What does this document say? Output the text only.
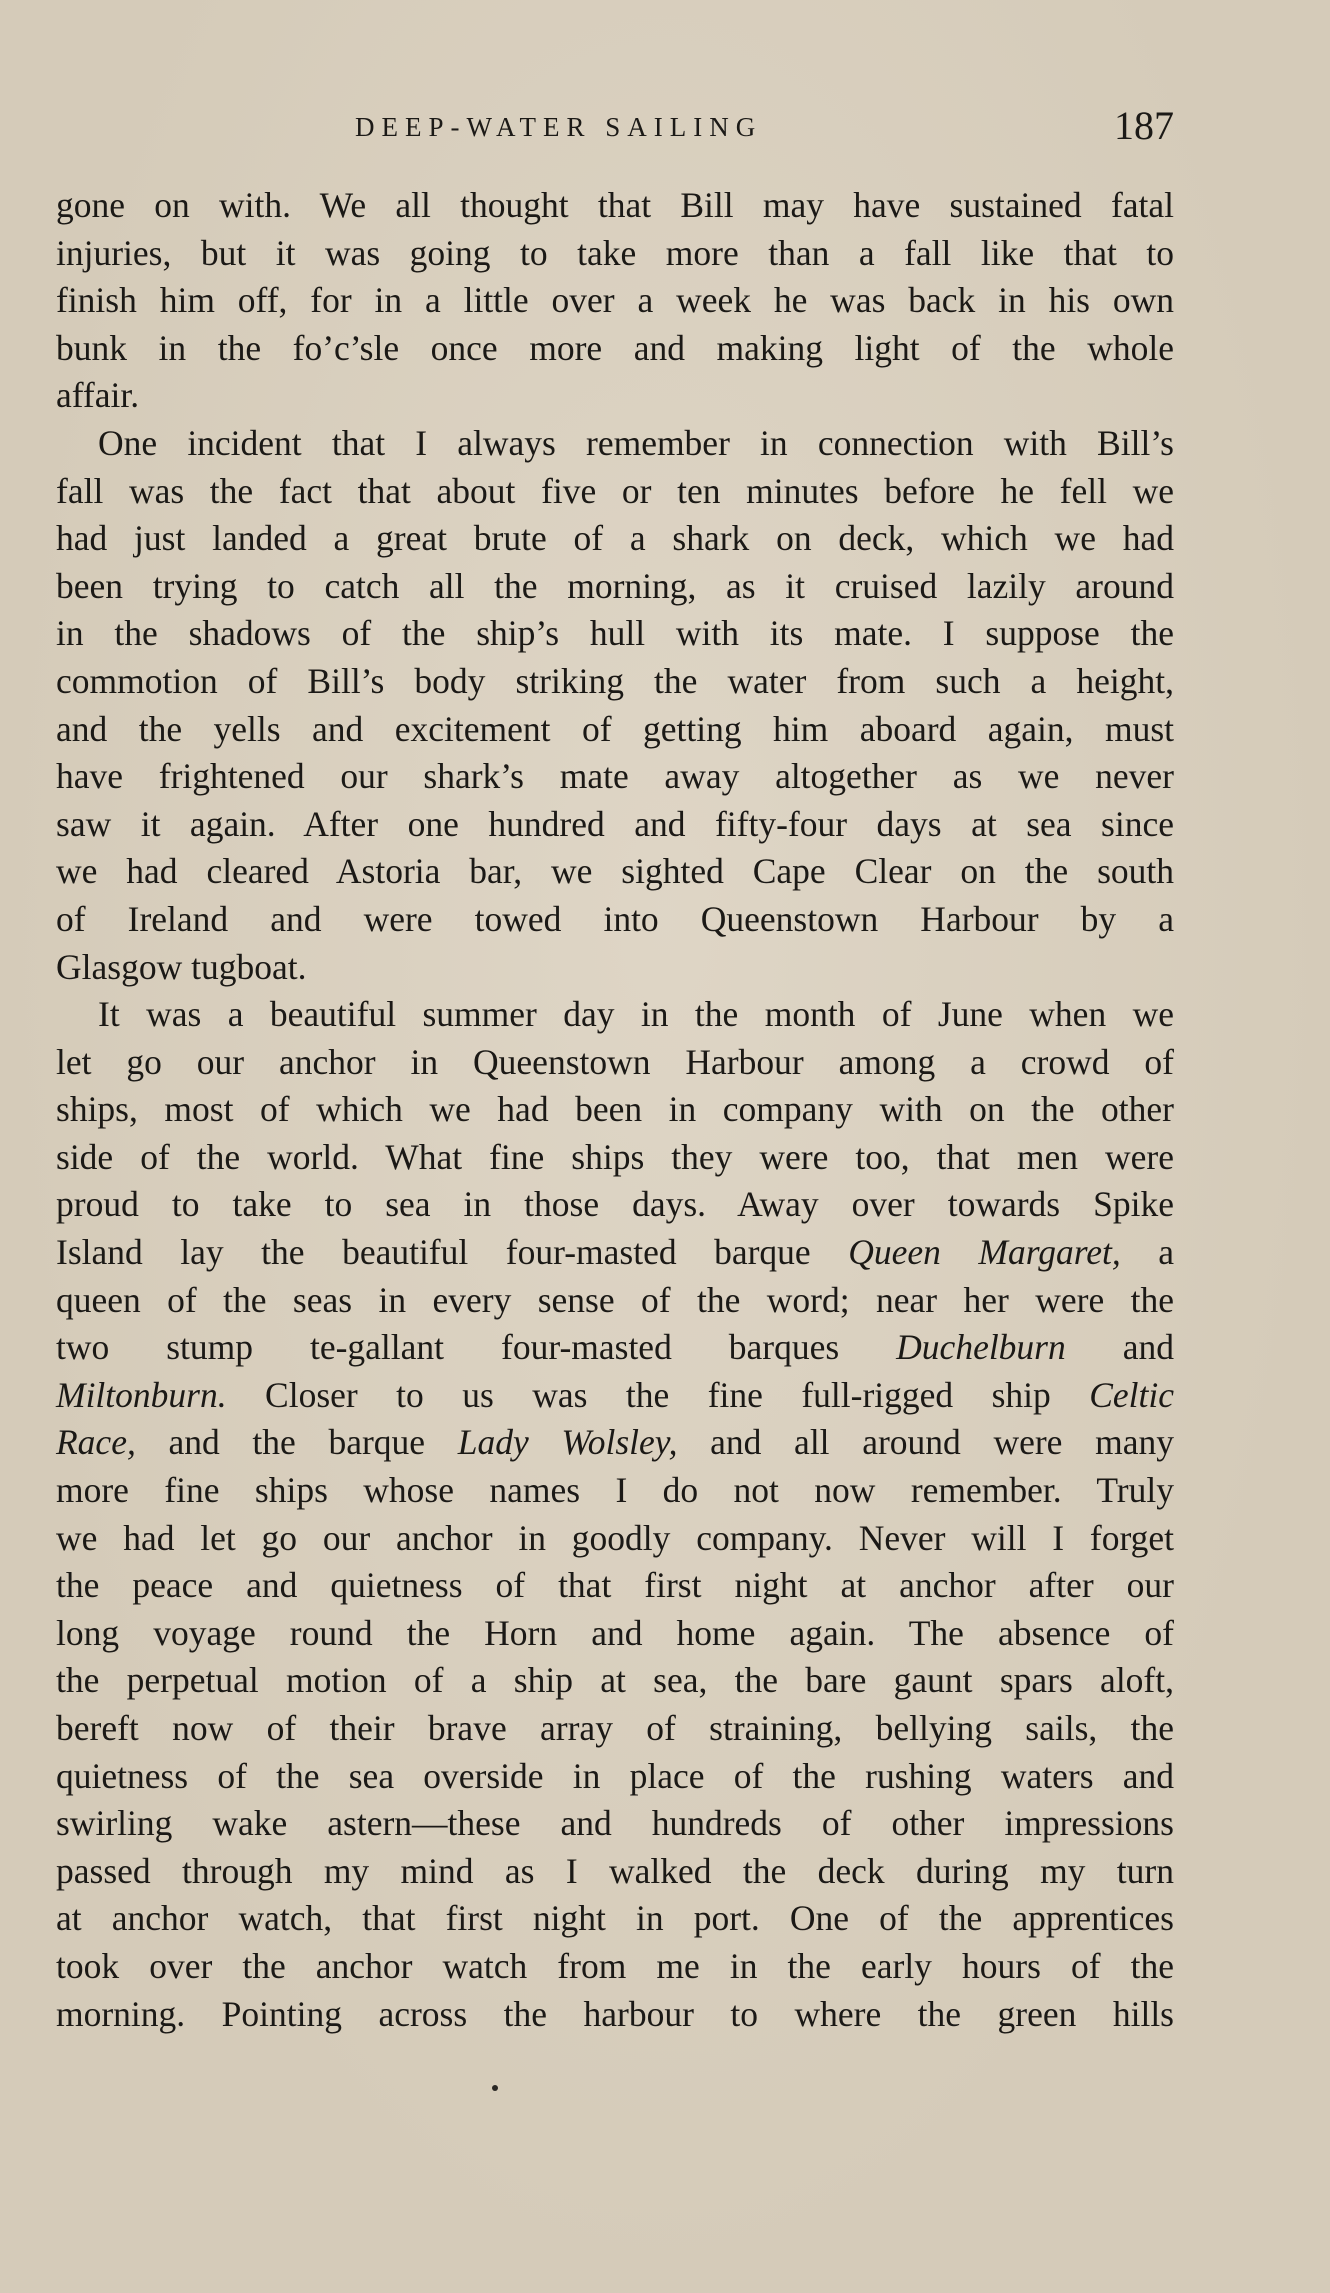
DEEP-WATER SAILING	187
gone on with. We all thought that Bill may have sustained fatal
injuries, but it was going to take more than a fall like that to
finish him off, for in a little over a week he was back in his own
bunk in the fo’c’sle once more and making light of the whole
affair.
One incident that I always remember in connection with Bill’s
fall was the fact that about five or ten minutes before he fell we
had just landed a great brute of a shark on deck, which we had
been trying to catch all the morning, as it cruised lazily around
in the shadows of the ship’s hull with its mate. I suppose the
commotion of Bill’s body striking the water from such a height,
and the yells and excitement of getting him aboard again, must
have frightened our shark’s mate away altogether as we never
saw it again. After one hundred and fifty-four days at sea since
we had cleared Astoria bar, we sighted Cape Clear on the south
of Ireland and were towed into Queenstown Harbour by a
Glasgow tugboat.
It was a beautiful summer day in the month of June when we
let go our anchor in Queenstown Harbour among a crowd of
ships, most of which we had been in company with on the other
side of the world. What fine ships they were too, that men were
proud to take to sea in those days. Away over towards Spike
Island lay the beautiful four-masted barque Queen Margaret, a
queen of the seas in every sense of the word; near her were the
two stump te-gallant four-masted barques Duchelburn and
Miltonburn. Closer to us was the fine full-rigged ship Celtic
Race, and the barque Lady Wolsley, and all around were many
more fine ships whose names I do not now remember. Truly
we had let go our anchor in goodly company. Never will I forget
the peace and quietness of that first night at anchor after our
long voyage round the Horn and home again. The absence of
the perpetual motion of a ship at sea, the bare gaunt spars aloft,
bereft now of their brave array of straining, bellying sails, the
quietness of the sea overside in place of the rushing waters and
swirling wake astern—these and hundreds of other impressions
passed through my mind as I walked the deck during my turn
at anchor watch, that first night in port. One of the apprentices
took over the anchor watch from me in the early hours of the
morning. Pointing across the harbour to where the green hills
